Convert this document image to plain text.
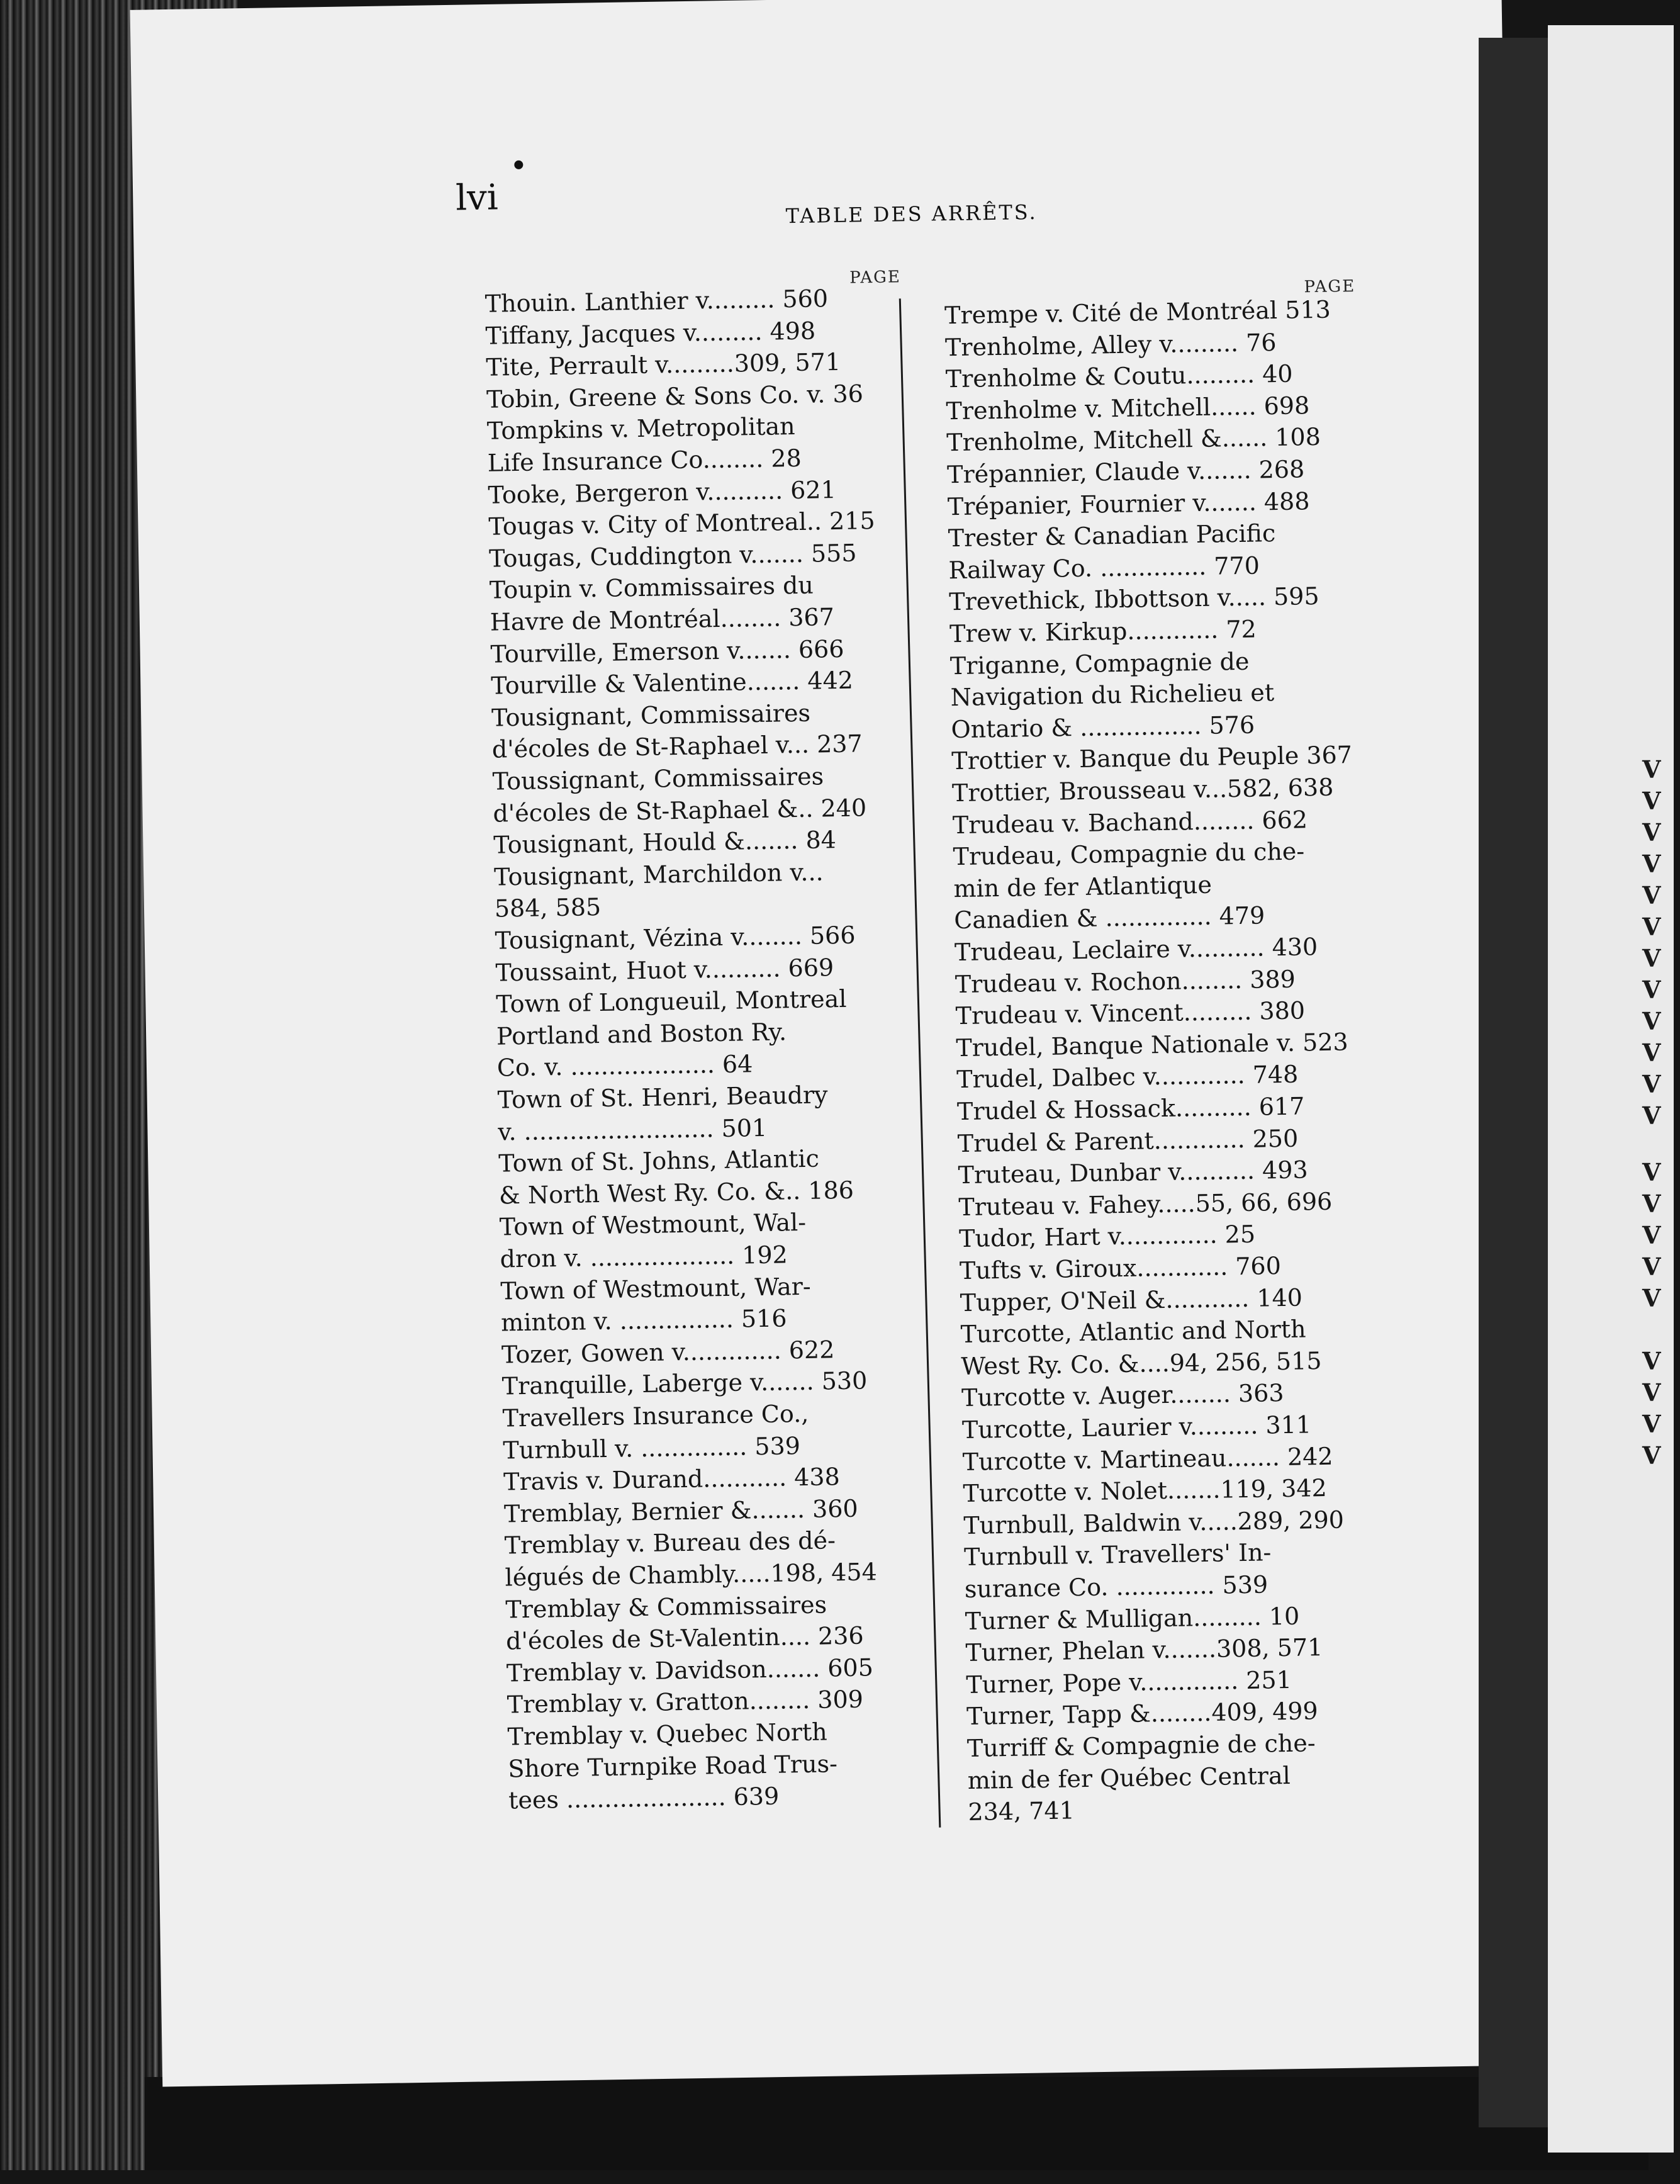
V
V
V
V
V
V
V
V
V
V
V
V
V
V
V
V
V
V
V
V
V
lvi	TABLE DES ARRÊTS.
PAGE	PAGE
Thouin. Lanthier v......... 560
Tiffany, Jacques v......... 498
Tite, Perrault v.........309, 571
Tobin, Greene & Sons Co. v. 36
Tompkins v. Metropolitan
Life Insurance Co........ 28
Tooke, Bergeron v.......... 621
Tougas v. City of Montreal.. 215
Tougas, Cuddington v....... 555
Toupin v. Commissaires du
Havre de Montréal........ 367
Tourville, Emerson v....... 666
Tourville & Valentine....... 442
Tousignant, Commissaires
d'écoles de St-Raphael v... 237
Toussignant, Commissaires
d'écoles de St-Raphael &.. 240
Tousignant, Hould &....... 84
Tousignant, Marchildon v...
584, 585
Tousignant, Vézina v........ 566
Toussaint, Huot v.......... 669
Town of Longueuil, Montreal
Portland and Boston Ry.
Co. v. ................... 64
Town of St. Henri, Beaudry
v. ......................... 501
Town of St. Johns, Atlantic
& North West Ry. Co. &.. 186
Town of Westmount, Wal-
dron v. ................... 192
Town of Westmount, War-
minton v. ............... 516
Tozer, Gowen v............. 622
Tranquille, Laberge v....... 530
Travellers Insurance Co.,
Turnbull v. .............. 539
Travis v. Durand........... 438
Tremblay, Bernier &....... 360
Tremblay v. Bureau des dé-
légués de Chambly.....198, 454
Tremblay & Commissaires
d'écoles de St-Valentin.... 236
Tremblay v. Davidson....... 605
Tremblay v. Gratton........ 309
Tremblay v. Quebec North
Shore Turnpike Road Trus-
tees ..................... 639
Trempe v. Cité de Montréal 513
Trenholme, Alley v......... 76
Trenholme & Coutu......... 40
Trenholme v. Mitchell...... 698
Trenholme, Mitchell &...... 108
Trépannier, Claude v....... 268
Trépanier, Fournier v....... 488
Trester & Canadian Pacific
Railway Co. .............. 770
Trevethick, Ibbottson v..... 595
Trew v. Kirkup............ 72
Triganne, Compagnie de
Navigation du Richelieu et
Ontario & ................ 576
Trottier v. Banque du Peuple 367
Trottier, Brousseau v...582, 638
Trudeau v. Bachand........ 662
Trudeau, Compagnie du che-
min de fer Atlantique
Canadien & .............. 479
Trudeau, Leclaire v.......... 430
Trudeau v. Rochon........ 389
Trudeau v. Vincent......... 380
Trudel, Banque Nationale v. 523
Trudel, Dalbec v............ 748
Trudel & Hossack.......... 617
Trudel & Parent............ 250
Truteau, Dunbar v.......... 493
Truteau v. Fahey.....55, 66, 696
Tudor, Hart v............. 25
Tufts v. Giroux............ 760
Tupper, O'Neil &........... 140
Turcotte, Atlantic and North
West Ry. Co. &....94, 256, 515
Turcotte v. Auger........ 363
Turcotte, Laurier v......... 311
Turcotte v. Martineau....... 242
Turcotte v. Nolet.......119, 342
Turnbull, Baldwin v.....289, 290
Turnbull v. Travellers' In-
surance Co. ............. 539
Turner & Mulligan......... 10
Turner, Phelan v.......308, 571
Turner, Pope v............. 251
Turner, Tapp &........409, 499
Turriff & Compagnie de che-
min de fer Québec Central
234, 741
